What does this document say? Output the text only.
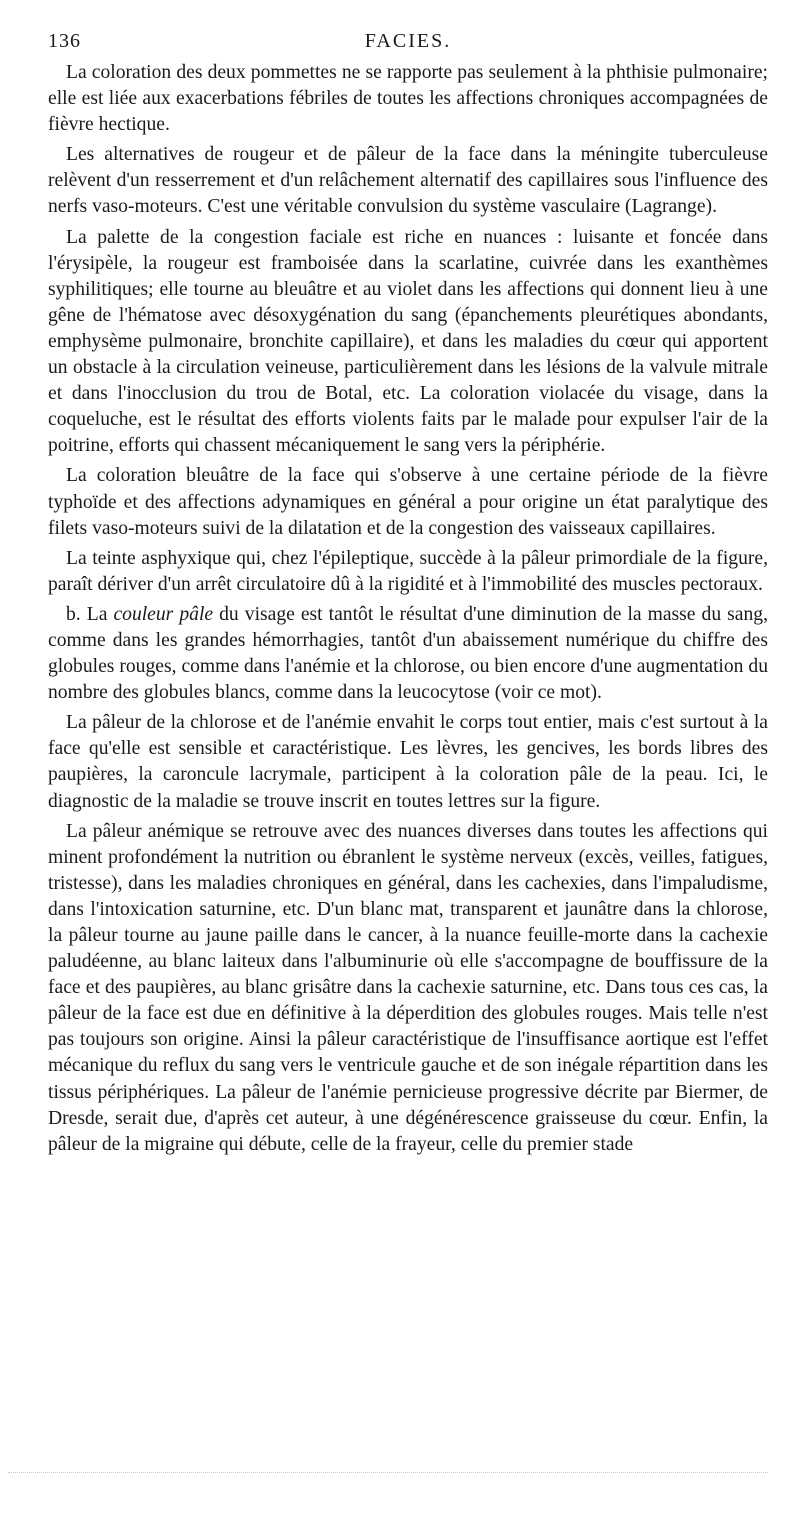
136	FACIES.

La coloration des deux pommettes ne se rapporte pas seulement à la phthisie pulmonaire; elle est liée aux exacerbations fébriles de toutes les affections chroniques accompagnées de fièvre hectique.

Les alternatives de rougeur et de pâleur de la face dans la méningite tuberculeuse relèvent d'un resserrement et d'un relâchement alternatif des capillaires sous l'influence des nerfs vaso-moteurs. C'est une véritable convulsion du système vasculaire (Lagrange).

La palette de la congestion faciale est riche en nuances : luisante et foncée dans l'érysipèle, la rougeur est framboisée dans la scarlatine, cuivrée dans les exanthèmes syphilitiques; elle tourne au bleuâtre et au violet dans les affections qui donnent lieu à une gêne de l'hématose avec désoxygénation du sang (épanchements pleurétiques abondants, emphysème pulmonaire, bronchite capillaire), et dans les maladies du cœur qui apportent un obstacle à la circulation veineuse, particulièrement dans les lésions de la valvule mitrale et dans l'inocclusion du trou de Botal, etc. La coloration violacée du visage, dans la coqueluche, est le résultat des efforts violents faits par le malade pour expulser l'air de la poitrine, efforts qui chassent mécaniquement le sang vers la périphérie.

La coloration bleuâtre de la face qui s'observe à une certaine période de la fièvre typhoïde et des affections adynamiques en général a pour origine un état paralytique des filets vaso-moteurs suivi de la dilatation et de la congestion des vaisseaux capillaires.

La teinte asphyxique qui, chez l'épileptique, succède à la pâleur primordiale de la figure, paraît dériver d'un arrêt circulatoire dû à la rigidité et à l'immobilité des muscles pectoraux.

b. La couleur pâle du visage est tantôt le résultat d'une diminution de la masse du sang, comme dans les grandes hémorrhagies, tantôt d'un abaissement numérique du chiffre des globules rouges, comme dans l'anémie et la chlorose, ou bien encore d'une augmentation du nombre des globules blancs, comme dans la leucocytose (voir ce mot).

La pâleur de la chlorose et de l'anémie envahit le corps tout entier, mais c'est surtout à la face qu'elle est sensible et caractéristique. Les lèvres, les gencives, les bords libres des paupières, la caroncule lacrymale, participent à la coloration pâle de la peau. Ici, le diagnostic de la maladie se trouve inscrit en toutes lettres sur la figure.

La pâleur anémique se retrouve avec des nuances diverses dans toutes les affections qui minent profondément la nutrition ou ébranlent le système nerveux (excès, veilles, fatigues, tristesse), dans les maladies chroniques en général, dans les cachexies, dans l'impaludisme, dans l'intoxication saturnine, etc. D'un blanc mat, transparent et jaunâtre dans la chlorose, la pâleur tourne au jaune paille dans le cancer, à la nuance feuille-morte dans la cachexie paludéenne, au blanc laiteux dans l'albuminurie où elle s'accompagne de bouffissure de la face et des paupières, au blanc grisâtre dans la cachexie saturnine, etc. Dans tous ces cas, la pâleur de la face est due en définitive à la déperdition des globules rouges. Mais telle n'est pas toujours son origine. Ainsi la pâleur caractéristique de l'insuffisance aortique est l'effet mécanique du reflux du sang vers le ventricule gauche et de son inégale répartition dans les tissus périphériques. La pâleur de l'anémie pernicieuse progressive décrite par Biermer, de Dresde, serait due, d'après cet auteur, à une dégénérescence graisseuse du cœur. Enfin, la pâleur de la migraine qui débute, celle de la frayeur, celle du premier stade
